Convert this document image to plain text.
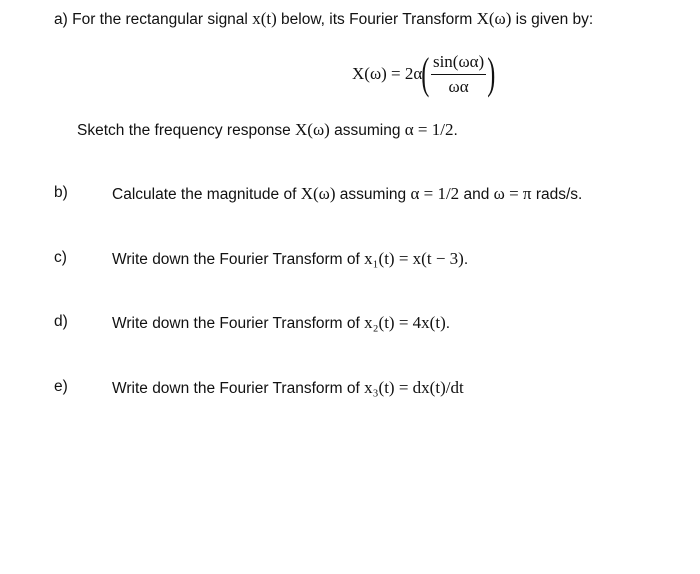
a) For the rectangular signal x(t) below, its Fourier Transform X(ω) is given by:
X(ω) = 2α ( $\frac{\sin(\omega\alpha)}{\omega\alpha}$ )
Sketch the frequency response X(ω) assuming α = 1/2.
b)	Calculate the magnitude of X(ω) assuming α = 1/2 and ω = π rads/s.
c)	Write down the Fourier Transform of x₁(t) = x(t − 3).
d)	Write down the Fourier Transform of x₂(t) = 4x(t).
e)	Write down the Fourier Transform of x₃(t) = dx(t)/dt
